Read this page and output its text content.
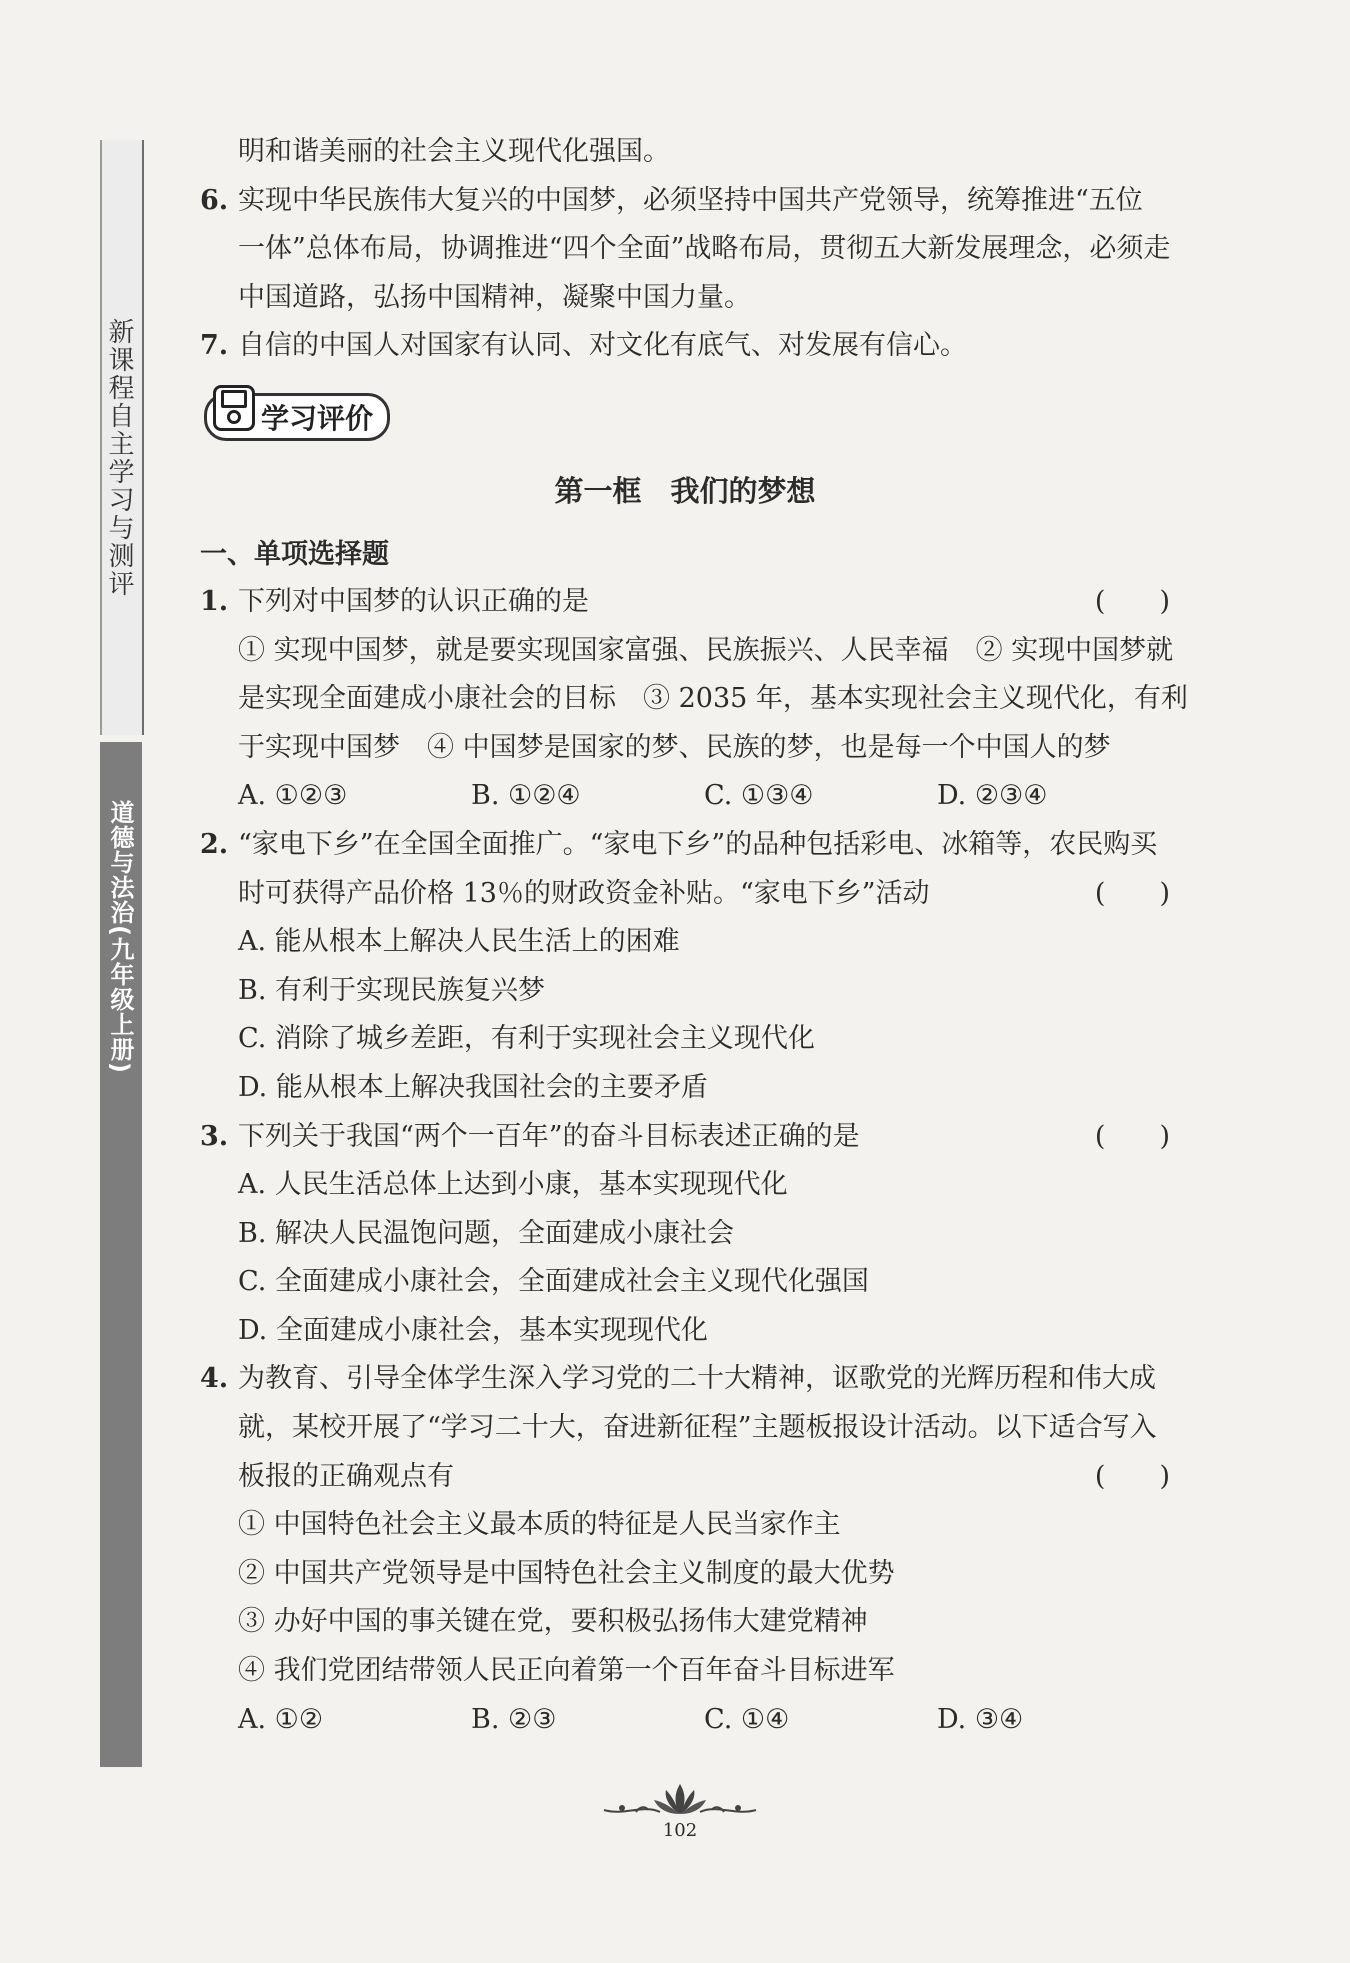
新课程自主学习与测评
道德与法治(九年级上册)
明和谐美丽的社会主义现代化强国。
6. 实现中华民族伟大复兴的中国梦，必须坚持中国共产党领导，统筹推进“五位
一体”总体布局，协调推进“四个全面”战略布局，贯彻五大新发展理念，必须走
中国道路，弘扬中国精神，凝聚中国力量。
7. 自信的中国人对国家有认同、对文化有底气、对发展有信心。
学习评价
第一框　我们的梦想
一、单项选择题
1. 下列对中国梦的认识正确的是	(　　)
① 实现中国梦，就是要实现国家富强、民族振兴、人民幸福　② 实现中国梦就
是实现全面建成小康社会的目标　③ 2035 年，基本实现社会主义现代化，有利
于实现中国梦　④ 中国梦是国家的梦、民族的梦，也是每一个中国人的梦
A. ①②③	B. ①②④	C. ①③④	D. ②③④
2. “家电下乡”在全国全面推广。“家电下乡”的品种包括彩电、冰箱等，农民购买
时可获得产品价格 13％的财政资金补贴。“家电下乡”活动	(　　)
A. 能从根本上解决人民生活上的困难
B. 有利于实现民族复兴梦
C. 消除了城乡差距，有利于实现社会主义现代化
D. 能从根本上解决我国社会的主要矛盾
3. 下列关于我国“两个一百年”的奋斗目标表述正确的是	(　　)
A. 人民生活总体上达到小康，基本实现现代化
B. 解决人民温饱问题，全面建成小康社会
C. 全面建成小康社会，全面建成社会主义现代化强国
D. 全面建成小康社会，基本实现现代化
4. 为教育、引导全体学生深入学习党的二十大精神，讴歌党的光辉历程和伟大成
就，某校开展了“学习二十大，奋进新征程”主题板报设计活动。以下适合写入
板报的正确观点有	(　　)
① 中国特色社会主义最本质的特征是人民当家作主
② 中国共产党领导是中国特色社会主义制度的最大优势
③ 办好中国的事关键在党，要积极弘扬伟大建党精神
④ 我们党团结带领人民正向着第一个百年奋斗目标进军
A. ①②	B. ②③	C. ①④	D. ③④
102
